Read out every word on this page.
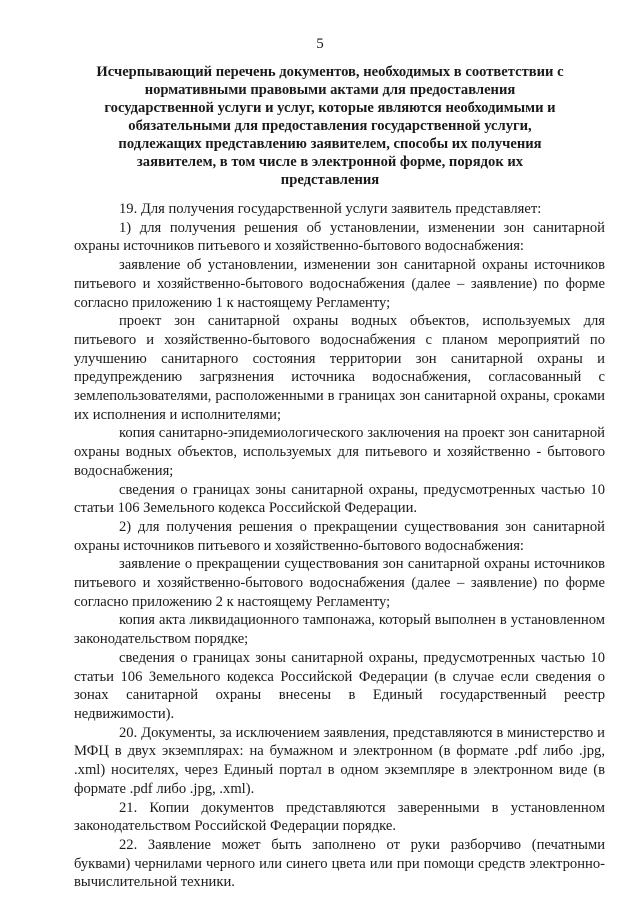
5
Исчерпывающий перечень документов, необходимых в соответствии с нормативными правовыми актами для предоставления государственной услуги и услуг, которые являются необходимыми и обязательными для предоставления государственной услуги, подлежащих представлению заявителем, способы их получения заявителем, в том числе в электронной форме, порядок их представления

19. Для получения государственной услуги заявитель представляет:

1) для получения решения об установлении, изменении зон санитарной охраны источников питьевого и хозяйственно-бытового водоснабжения:

заявление об установлении, изменении зон санитарной охраны источников питьевого и хозяйственно-бытового водоснабжения (далее – заявление) по форме согласно приложению 1 к настоящему Регламенту;

проект зон санитарной охраны водных объектов, используемых для питьевого и хозяйственно-бытового водоснабжения с планом мероприятий по улучшению санитарного состояния территории зон санитарной охраны и предупреждению загрязнения источника водоснабжения, согласованный с землепользователями, расположенными в границах зон санитарной охраны, сроками их исполнения и исполнителями;

копия санитарно-эпидемиологического заключения на проект зон санитарной охраны водных объектов, используемых для питьевого и хозяйственно - бытового водоснабжения;

сведения о границах зоны санитарной охраны, предусмотренных частью 10 статьи 106 Земельного кодекса Российской Федерации.

2) для получения решения о прекращении существования зон санитарной охраны источников питьевого и хозяйственно-бытового водоснабжения:

заявление о прекращении существования зон санитарной охраны источников питьевого и хозяйственно-бытового водоснабжения (далее – заявление) по форме согласно приложению 2 к настоящему Регламенту;

копия акта ликвидационного тампонажа, который выполнен в установленном законодательством порядке;

сведения о границах зоны санитарной охраны, предусмотренных частью 10 статьи 106 Земельного кодекса Российской Федерации (в случае если сведения о зонах санитарной охраны внесены в Единый государственный реестр недвижимости).

20. Документы, за исключением заявления, представляются в министерство и МФЦ в двух экземплярах: на бумажном и электронном (в формате .pdf либо .jpg, .xml) носителях, через Единый портал в одном экземпляре в электронном виде (в формате .pdf либо .jpg, .xml).

21. Копии документов представляются заверенными в установленном законодательством Российской Федерации порядке.

22. Заявление может быть заполнено от руки разборчиво (печатными буквами) чернилами черного или синего цвета или при помощи средств электронно-вычислительной техники.
